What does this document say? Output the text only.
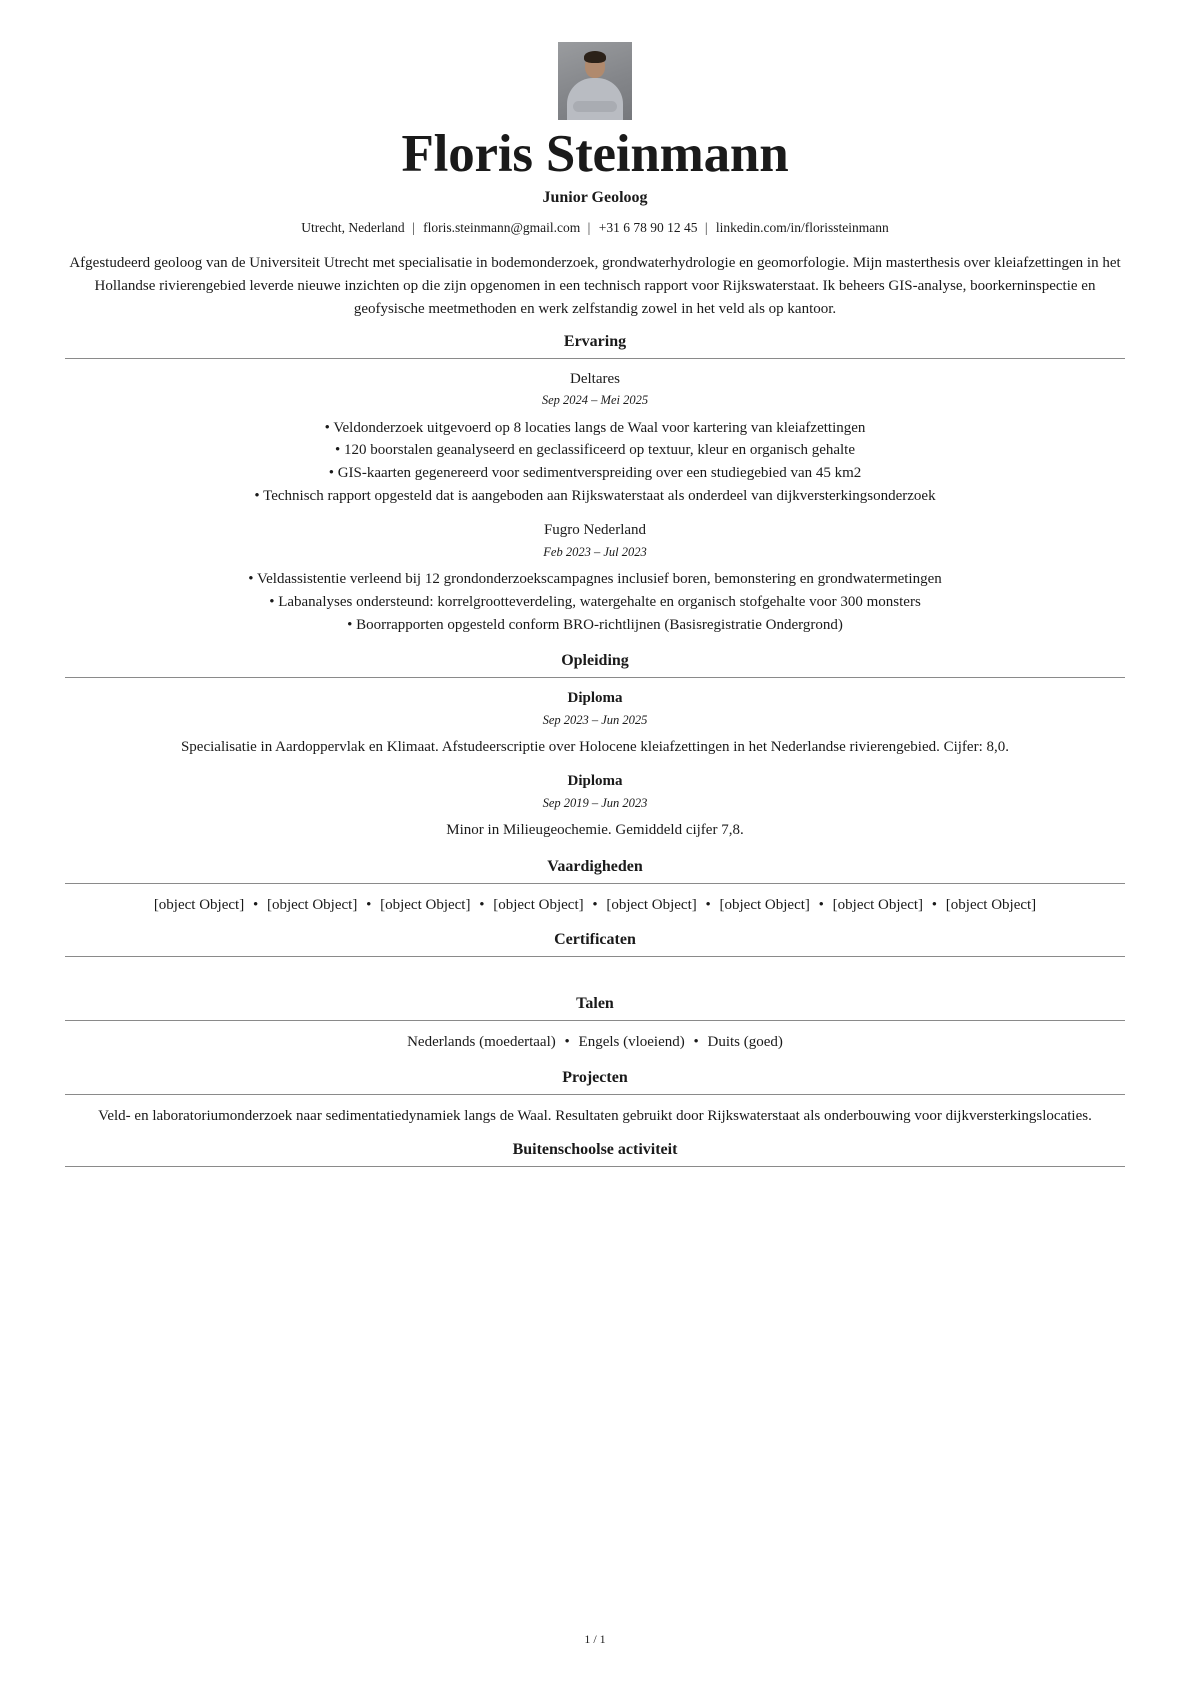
Floris Steinmann
Junior Geoloog
Utrecht, Nederland | floris.steinmann@gmail.com | +31 6 78 90 12 45 | linkedin.com/in/florissteinmann

Afgestudeerd geoloog van de Universiteit Utrecht met specialisatie in bodemonderzoek, grondwaterhydrologie en geomorfologie. Mijn masterthesis over kleiafzettingen in het Hollandse rivierengebied leverde nieuwe inzichten op die zijn opgenomen in een technisch rapport voor Rijkswaterstaat. Ik beheers GIS-analyse, boorkerninspectie en geofysische meetmethoden en werk zelfstandig zowel in het veld als op kantoor.

Ervaring
Deltares
Sep 2024 – Mei 2025
• Veldonderzoek uitgevoerd op 8 locaties langs de Waal voor kartering van kleiafzettingen
• 120 boorstalen geanalyseerd en geclassificeerd op textuur, kleur en organisch gehalte
• GIS-kaarten gegenereerd voor sedimentverspreiding over een studiegebied van 45 km2
• Technisch rapport opgesteld dat is aangeboden aan Rijkswaterstaat als onderdeel van dijkversterkingsonderzoek
Fugro Nederland
Feb 2023 – Jul 2023
• Veldassistentie verleend bij 12 grondonderzoekscampagnes inclusief boren, bemonstering en grondwatermetingen
• Labanalyses ondersteund: korrelgrootteverdeling, watergehalte en organisch stofgehalte voor 300 monsters
• Boorrapporten opgesteld conform BRO-richtlijnen (Basisregistratie Ondergrond)
Opleiding
Diploma
Sep 2023 – Jun 2025

Specialisatie in Aardoppervlak en Klimaat. Afstudeerscriptie over Holocene kleiafzettingen in het Nederlandse rivierengebied. Cijfer: 8,0.

Diploma
Sep 2019 – Jun 2023

Minor in Milieugeochemie. Gemiddeld cijfer 7,8.

Vaardigheden
[object Object] • [object Object] • [object Object] • [object Object] • [object Object] • [object Object] • [object Object] • [object Object]
Certificaten
Talen
Nederlands (moedertaal) • Engels (vloeiend) • Duits (goed)
Projecten

Veld- en laboratoriumonderzoek naar sedimentatiedynamiek langs de Waal. Resultaten gebruikt door Rijkswaterstaat als onderbouwing voor dijkversterkingslocaties.

Buitenschoolse activiteit
1 / 1
